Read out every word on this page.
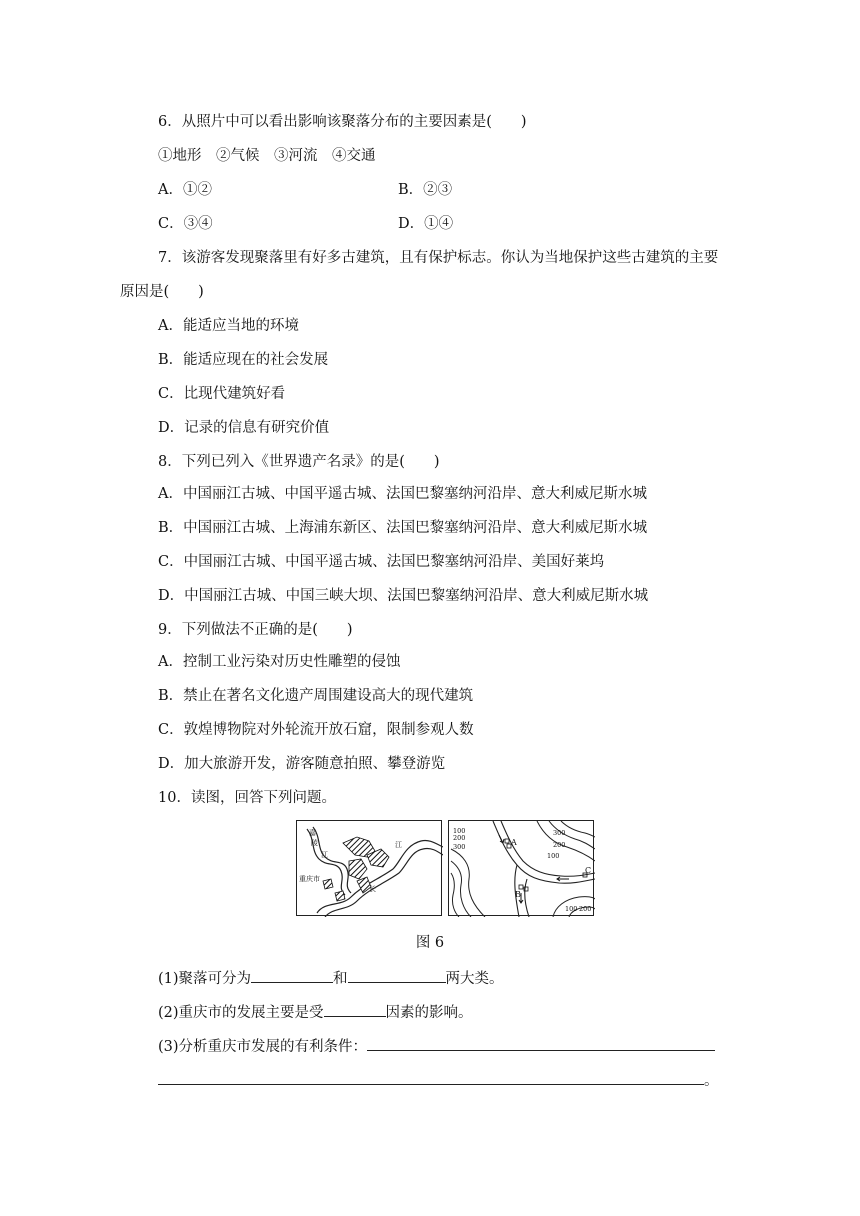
6．从照片中可以看出影响该聚落分布的主要因素是(　　)
①地形　②气候　③河流　④交通
A．①②	B．②③
C．③④	D．①④
7．该游客发现聚落里有好多古建筑，且有保护标志。你认为当地保护这些古建筑的主要
原因是(　　)
A．能适应当地的环境
B．能适应现在的社会发展
C．比现代建筑好看
D．记录的信息有研究价值
8．下列已列入《世界遗产名录》的是(　　)
A．中国丽江古城、中国平遥古城、法国巴黎塞纳河沿岸、意大利威尼斯水城
B．中国丽江古城、上海浦东新区、法国巴黎塞纳河沿岸、意大利威尼斯水城
C．中国丽江古城、中国平遥古城、法国巴黎塞纳河沿岸、美国好莱坞
D．中国丽江古城、中国三峡大坝、法国巴黎塞纳河沿岸、意大利威尼斯水城
9．下列做法不正确的是(　　)
A．控制工业污染对历史性雕塑的侵蚀
B．禁止在著名文化遗产周围建设高大的现代建筑
C．敦煌博物院对外轮流开放石窟，限制参观人数
D．加大旅游开发，游客随意拍照、攀登游览
10．读图，回答下列问题。
嘉
陵
江
江
重庆市
长
100
200
300
300
200
100
100 200
A
B
C
图 6
(1)聚落可分为	和	两大类。
(2)重庆市的发展主要是受	因素的影响。
(3)分析重庆市发展的有利条件：
。
